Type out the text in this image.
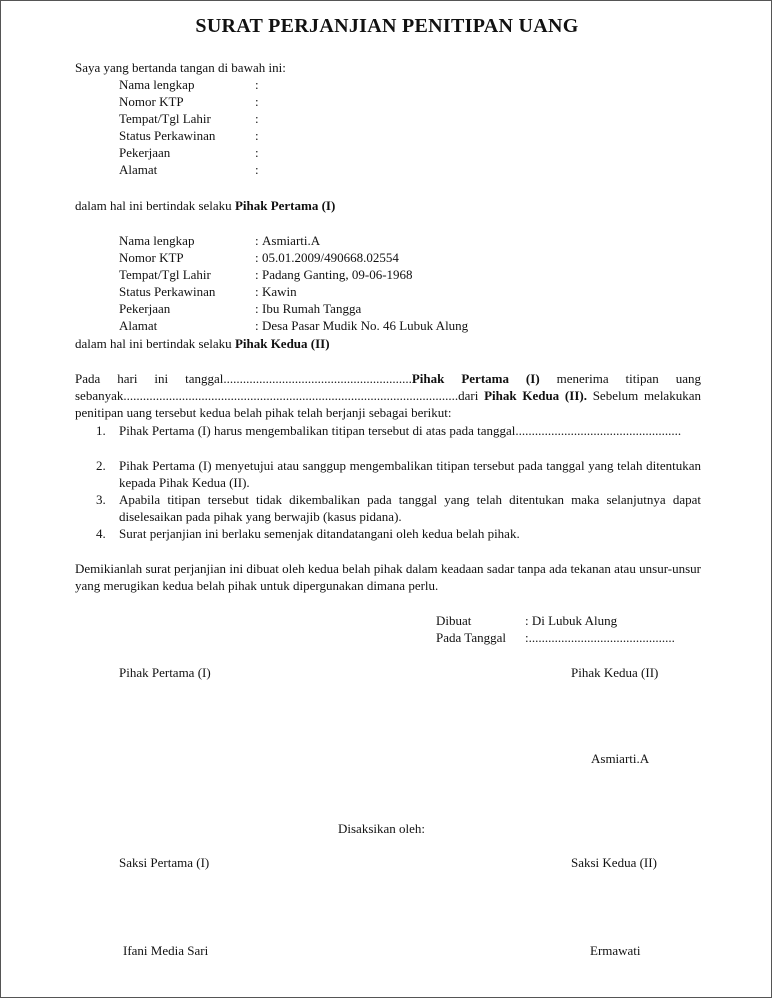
SURAT PERJANJIAN PENITIPAN UANG
Saya yang bertanda tangan di bawah ini:
Nama lengkap	:
Nomor KTP	:
Tempat/Tgl Lahir	:
Status Perkawinan	:
Pekerjaan	:
Alamat	:
dalam hal ini bertindak selaku Pihak Pertama (I)
Nama lengkap	: Asmiarti.A
Nomor KTP	: 05.01.2009/490668.02554
Tempat/Tgl Lahir	: Padang Ganting, 09-06-1968
Status Perkawinan	: Kawin
Pekerjaan	: Ibu Rumah Tangga
Alamat	: Desa Pasar Mudik No. 46 Lubuk Alung
dalam hal ini bertindak selaku Pihak Kedua (II)
Pada hari ini tanggal..........................................................Pihak Pertama (I) menerima titipan uang sebanyak.......................................................................................................dari Pihak Kedua (II). Sebelum melakukan penitipan uang tersebut kedua belah pihak telah berjanji sebagai berikut:
1. Pihak Pertama (I) harus mengembalikan titipan tersebut di atas pada tanggal...................................................
2. Pihak Pertama (I) menyetujui atau sanggup mengembalikan titipan tersebut pada tanggal yang telah ditentukan kepada Pihak Kedua (II).
3. Apabila titipan tersebut tidak dikembalikan pada tanggal yang telah ditentukan maka selanjutnya dapat diselesaikan pada pihak yang berwajib (kasus pidana).
4. Surat perjanjian ini berlaku semenjak ditandatangani oleh kedua belah pihak.
Demikianlah surat perjanjian ini dibuat oleh kedua belah pihak dalam keadaan sadar tanpa ada tekanan atau unsur-unsur yang merugikan kedua belah pihak untuk dipergunakan dimana perlu.
Dibuat	: Di Lubuk Alung
Pada Tanggal :.............................................
Pihak Pertama (I)	Pihak Kedua (II)
Asmiarti.A
Disaksikan oleh:
Saksi Pertama (I)	Saksi Kedua (II)
Ifani Media Sari	Ermawati
